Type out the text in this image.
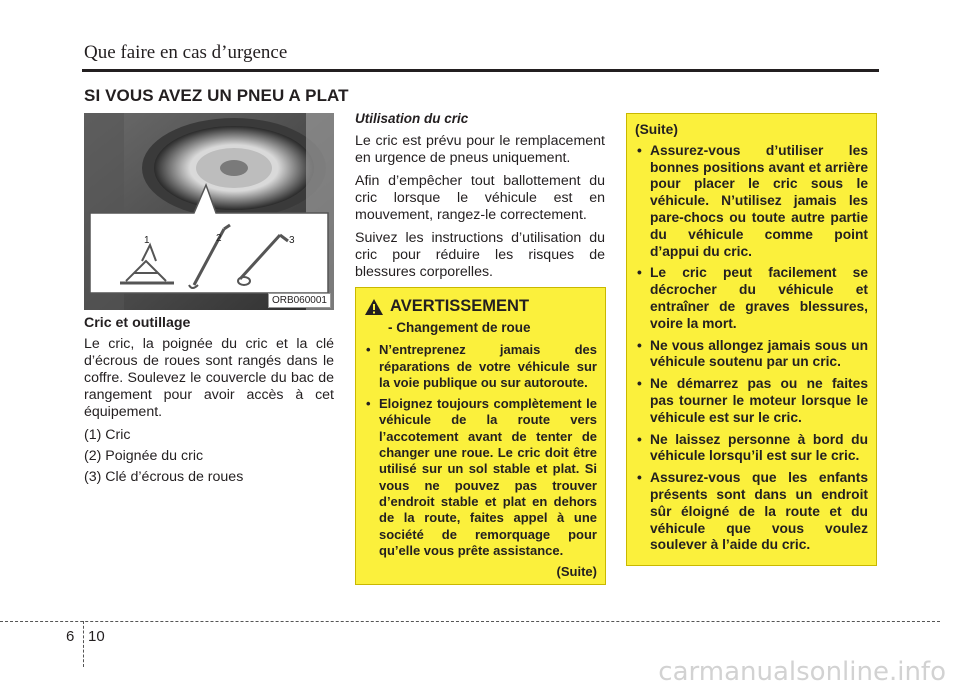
Que faire en cas d’urgence
SI VOUS AVEZ UN PNEU A PLAT
1	2	3
ORB060001
Cric et outillage

Le cric, la poignée du cric et la clé d’écrous de roues sont rangés dans le coffre. Soulevez le couvercle du bac de rangement pour avoir accès à cet équipement.

(1) Cric
(2) Poignée du cric
(3) Clé d’écrous de roues
Utilisation du cric

Le cric est prévu pour le remplacement en urgence de pneus uniquement.

Afin d’empêcher tout ballottement du cric lorsque le véhicule est en mouvement, rangez-le correctement.

Suivez les instructions d’utilisation du cric pour réduire les risques de blessures corporelles.

AVERTISSEMENT
- Changement de roue
• N’entreprenez jamais des réparations de votre véhicule sur la voie publique ou sur autoroute.
• Eloignez toujours complètement le véhicule de la route vers l’accotement avant de tenter de changer une roue. Le cric doit être utilisé sur un sol stable et plat. Si vous ne pouvez pas trouver d’endroit stable et plat en dehors de la route, faites appel à une société de remorquage pour qu’elle vous prête assistance.
(Suite)
(Suite)
• Assurez-vous d’utiliser les bonnes positions avant et arrière pour placer le cric sous le véhicule. N’utilisez jamais les pare-chocs ou toute autre partie du véhicule comme point d’appui du cric.
• Le cric peut facilement se décrocher du véhicule et entraîner de graves blessures, voire la mort.
• Ne vous allongez jamais sous un véhicule soutenu par un cric.
• Ne démarrez pas ou ne faites pas tourner le moteur lorsque le véhicule est sur le cric.
• Ne laissez personne à bord du véhicule lorsqu’il est sur le cric.
• Assurez-vous que les enfants présents sont dans un endroit sûr éloigné de la route et du véhicule que vous voulez soulever à l’aide du cric.
6 10
carmanualsonline.info
